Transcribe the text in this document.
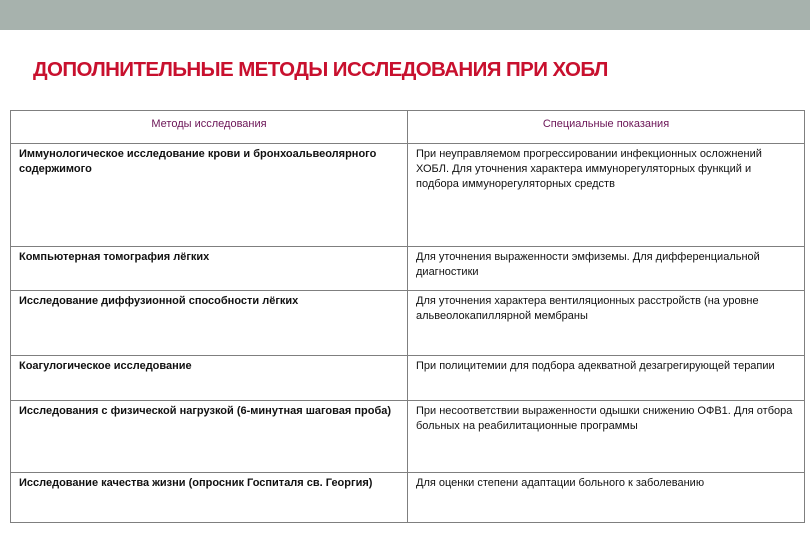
ДОПОЛНИТЕЛЬНЫЕ МЕТОДЫ ИССЛЕДОВАНИЯ ПРИ ХОБЛ
Методы исследования	Специальные показания
Иммунологическое исследование крови и бронхоальвеолярного содержимого	При неуправляемом прогрессировании инфекционных осложнений ХОБЛ. Для уточнения характера иммунорегуляторных функций и подбора иммунорегуляторных средств
Компьютерная томография лёгких	Для уточнения выраженности эмфиземы. Для дифференциальной диагностики
Исследование диффузионной способности лёгких	Для уточнения характера вентиляционных расстройств (на уровне альвеолокапиллярной мембраны
Коагулогическое исследование	При полицитемии для подбора адекватной дезагрегирующей терапии
Исследования с физической нагрузкой (6-минутная шаговая проба)	При несоответствии выраженности одышки снижению ОФВ1. Для отбора больных на реабилитационные программы
Исследование качества жизни (опросник Госпиталя св. Георгия)	Для оценки степени адаптации больного к заболеванию
